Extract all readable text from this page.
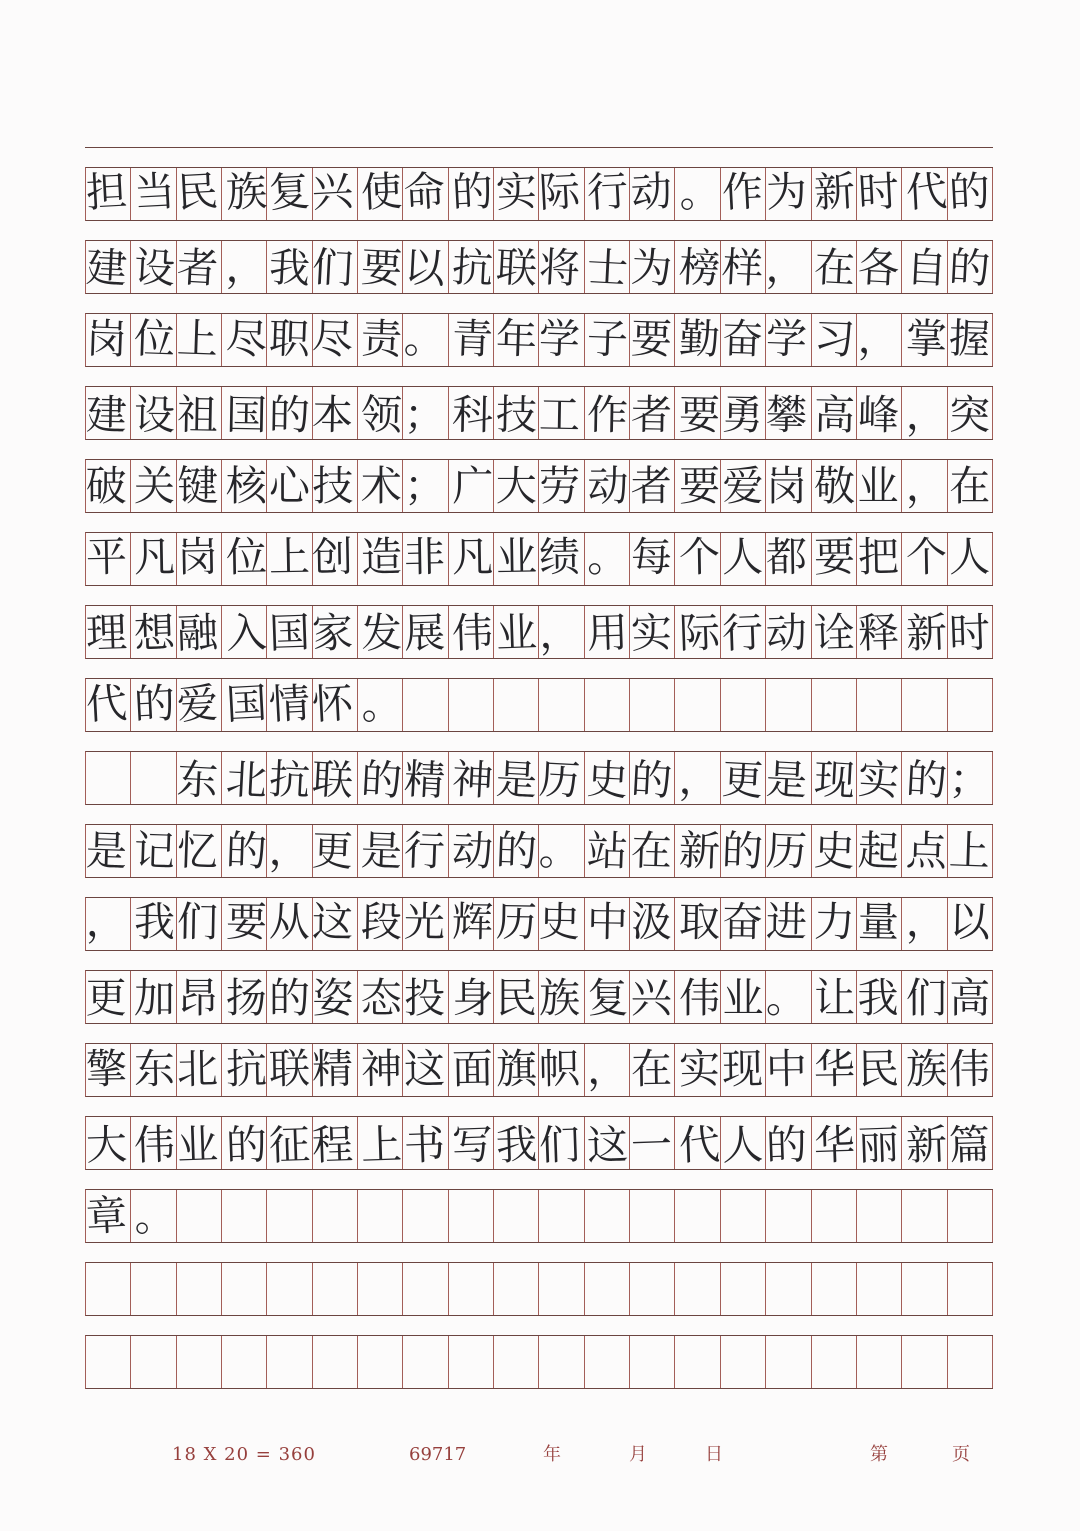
担 当 民 族 复 兴 使 命 的 实 际 行 动 。 作 为 新 时 代 的
建 设 者 ， 我 们 要 以 抗 联 将 士 为 榜 样 ， 在 各 自 的
岗 位 上 尽 职 尽 责 。 青 年 学 子 要 勤 奋 学 习 ， 掌 握
建 设 祖 国 的 本 领 ； 科 技 工 作 者 要 勇 攀 高 峰 ， 突
破 关 键 核 心 技 术 ； 广 大 劳 动 者 要 爱 岗 敬 业 ， 在
平 凡 岗 位 上 创 造 非 凡 业 绩 。 每 个 人 都 要 把 个 人
理 想 融 入 国 家 发 展 伟 业 ， 用 实 际 行 动 诠 释 新 时
代 的 爱 国 情 怀 。
东 北 抗 联 的 精 神 是 历 史 的 ， 更 是 现 实 的 ；
是 记 忆 的 ， 更 是 行 动 的 。 站 在 新 的 历 史 起 点 上
， 我 们 要 从 这 段 光 辉 历 史 中 汲 取 奋 进 力 量 ， 以
更 加 昂 扬 的 姿 态 投 身 民 族 复 兴 伟 业 。 让 我 们 高
擎 东 北 抗 联 精 神 这 面 旗 帜 ， 在 实 现 中 华 民 族 伟
大 伟 业 的 征 程 上 书 写 我 们 这 一 代 人 的 华 丽 新 篇
章 。
18 X 20 = 360	69717	年	月	日	第	页
